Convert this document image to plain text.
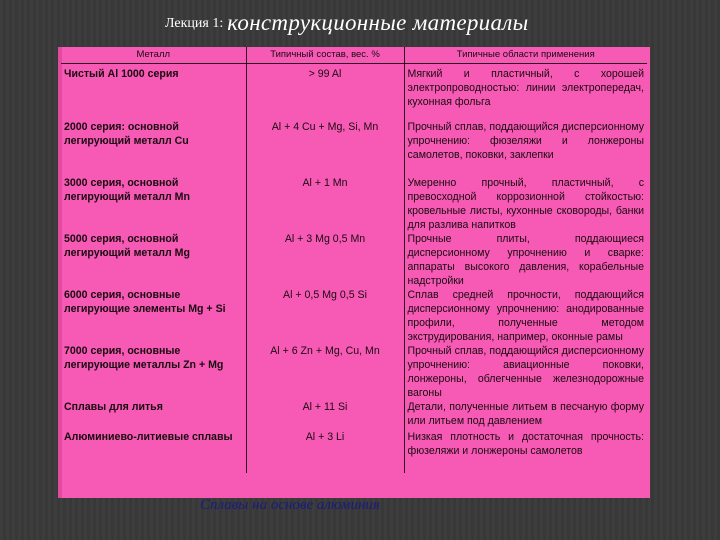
Лекция 1: конструкционные материалы
Металл	Типичный состав, вес. %	Типичные области применения
Чистый Al 1000 серия	> 99 Al	Мягкий и пластичный, с хорошей электропроводностью: линии электропередач, кухонная фольга
2000 серия: основной легирующий металл Cu	Al + 4 Cu + Mg, Si, Mn	Прочный сплав, поддающийся дисперсионному упрочнению: фюзеляжи и лонжероны самолетов, поковки, заклепки
3000 серия, основной легирующий металл Mn	Al + 1 Mn	Умеренно прочный, пластичный, с превосходной коррозионной стойкостью: кровельные листы, кухонные сковороды, банки для разлива напитков
5000 серия, основной легирующий металл Mg	Al + 3 Mg 0,5 Mn	Прочные плиты, поддающиеся дисперсионному упрочнению и сварке: аппараты высокого давления, корабельные надстройки
6000 серия, основные легирующие элементы Mg + Si	Al + 0,5 Mg 0,5 Si	Сплав средней прочности, поддающийся дисперсионному упрочнению: анодированные профили, полученные методом экструдирования, например, оконные рамы
7000 серия, основные легирующие металлы Zn + Mg	Al + 6 Zn + Mg, Cu, Mn	Прочный сплав, поддающийся дисперсионному упрочнению: авиационные поковки, лонжероны, облегченные железнодорожные вагоны
Сплавы для литья	Al + 11 Si	Детали, полученные литьем в песчаную форму или литьем под давлением
Алюминиево-литиевые сплавы	Al + 3 Li	Низкая плотность и достаточная прочность: фюзеляжи и лонжероны самолетов
Сплавы на основе алюминия
